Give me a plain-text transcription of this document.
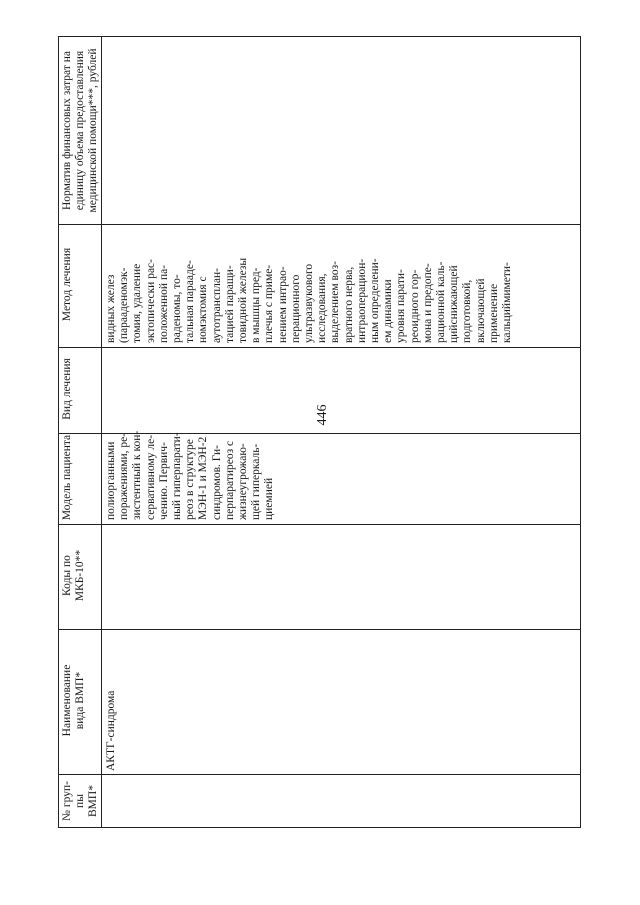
446
№ груп-
пы
ВМП*
Наименование
вида ВМП*
Коды по
МКБ-10**
Модель пациента
Вид лечения
Метод лечения
Норматив финансовых затрат на
единицу объема предоставления
медицинской помощи***, рублей
АКТГ-синдрома
полиорганными поражениями, ре- зистентный к кон- сервативному ле- чению. Первич- ный гиперпарати- реоз в структуре МЭН-1 и МЭН-2 синдромов. Ги- перпаратиреоз с жизнеугрожаю- щей гиперкаль- циемией
видных желез (парааденомэк- томия, удаление эктопически рас- положенной па- раденомы, то- тальная парааде- номэктомия с аутотрансплан- тацией паращи- товидной железы в мышцы пред- плечья с приме- нением интрао- перационного ультразвукового исследования, выделением воз- вратного нерва, интраоперацион- ным определени- ем динамики уровня парати- реоидного гор- мона и предопе- рационной каль- цийснижающей подготовкой, включающей применение кальциймимети-
